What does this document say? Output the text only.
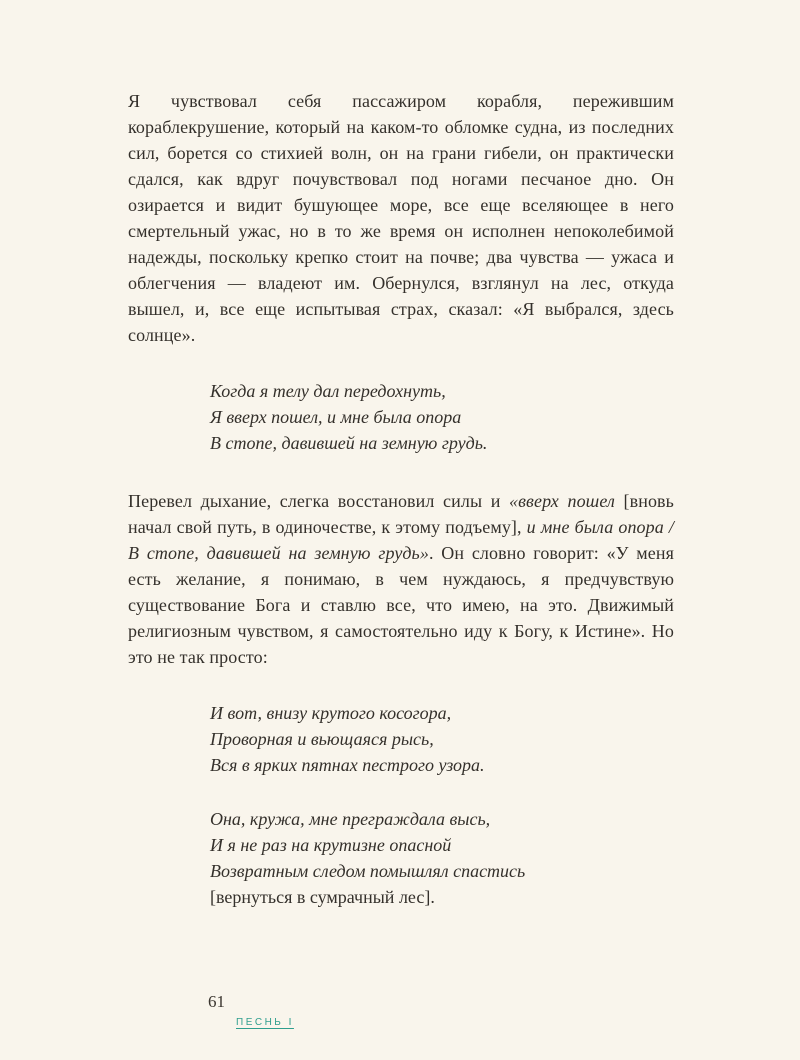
Я чувствовал себя пассажиром корабля, пережившим кораблекрушение, который на каком-то обломке судна, из последних сил, борется со стихией волн, он на грани гибели, он практически сдался, как вдруг почувствовал под ногами песчаное дно. Он озирается и видит бушующее море, все еще вселяющее в него смертельный ужас, но в то же время он исполнен непоколебимой надежды, поскольку крепко стоит на почве; два чувства — ужаса и облегчения — владеют им. Обернулся, взглянул на лес, откуда вышел, и, все еще испытывая страх, сказал: «Я выбрался, здесь солнце».

Когда я телу дал передохнуть,
Я вверх пошел, и мне была опора
В стопе, давившей на земную грудь.

Перевел дыхание, слегка восстановил силы и «вверх пошел [вновь начал свой путь, в одиночестве, к этому подъему], и мне была опора / В стопе, давившей на земную грудь». Он словно говорит: «У меня есть желание, я понимаю, в чем нуждаюсь, я предчувствую существование Бога и ставлю все, что имею, на это. Движимый религиозным чувством, я самостоятельно иду к Богу, к Истине». Но это не так просто:

И вот, внизу крутого косогора,
Проворная и вьющаяся рысь,
Вся в ярких пятнах пестрого узора.
Она, кружа, мне преграждала высь,
И я не раз на крутизне опасной
Возвратным следом помышлял спастись
[вернуться в сумрачный лес].
61
ПЕСНЬ I
